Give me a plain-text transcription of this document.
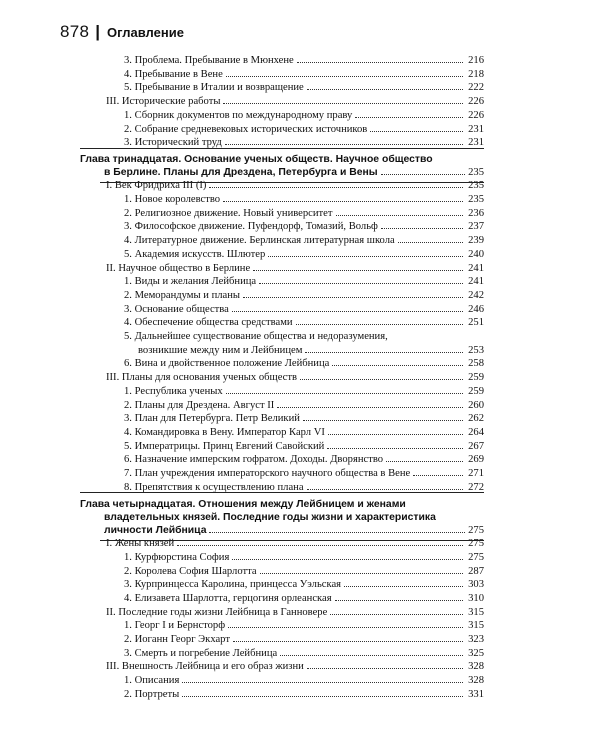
878 | Оглавление
3. Проблема. Пребывание в Мюнхене	216
4. Пребывание в Вене	218
5. Пребывание в Италии и возвращение	222
III. Исторические работы	226
1. Сборник документов по международному праву	226
2. Собрание средневековых исторических источников	231
3. Исторический труд	231
Глава тринадцатая. Основание ученых обществ. Научное общество
в Берлине. Планы для Дрездена, Петербурга и Вены	235
I. Век Фридриха III (I)	235
1. Новое королевство	235
2. Религиозное движение. Новый университет	236
3. Философское движение. Пуфендорф, Томазий, Вольф	237
4. Литературное движение. Берлинская литературная школа	239
5. Академия искусств. Шлютер	240
II. Научное общество в Берлине	241
1. Виды и желания Лейбница	241
2. Меморандумы и планы	242
3. Основание общества	246
4. Обеспечение общества средствами	251
5. Дальнейшее существование общества и недоразумения,
возникшие между ним и Лейбницем	253
6. Вина и двойственное положение Лейбница	258
III. Планы для основания ученых обществ	259
1. Республика ученых	259
2. Планы для Дрездена. Август II	260
3. План для Петербурга. Петр Великий	262
4. Командировка в Вену. Император Карл VI	264
5. Императрицы. Принц Евгений Савойский	267
6. Назначение имперским гофратом. Доходы. Дворянство	269
7. План учреждения императорского научного общества в Вене	271
8. Препятствия к осуществлению плана	272
Глава четырнадцатая. Отношения между Лейбницем и женами
владетельных князей. Последние годы жизни и характеристика
личности Лейбница	275
I. Жены князей	275
1. Курфюрстина София	275
2. Королева София Шарлотта	287
3. Курпринцесса Каролина, принцесса Уэльская	303
4. Елизавета Шарлотта, герцогиня орлеанская	310
II. Последние годы жизни Лейбница в Ганновере	315
1. Георг I и Бернсторф	315
2. Иоганн Георг Экхарт	323
3. Смерть и погребение Лейбница	325
III. Внешность Лейбница и его образ жизни	328
1. Описания	328
2. Портреты	331
